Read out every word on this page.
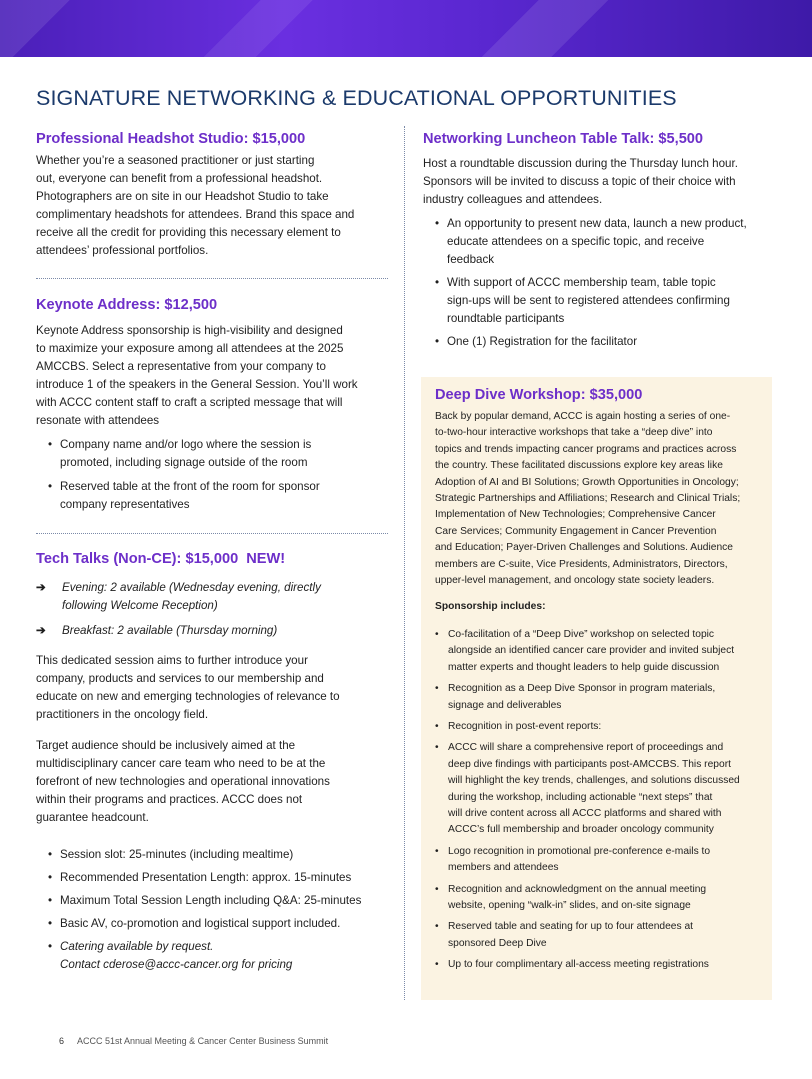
SIGNATURE NETWORKING & EDUCATIONAL OPPORTUNITIES
Professional Headshot Studio: $15,000
Whether you’re a seasoned practitioner or just starting
out, everyone can benefit from a professional headshot.
Photographers are on site in our Headshot Studio to take
complimentary headshots for attendees. Brand this space and
receive all the credit for providing this necessary element to
attendees’ professional portfolios.
Keynote Address: $12,500
Keynote Address sponsorship is high-visibility and designed
to maximize your exposure among all attendees at the 2025
AMCCBS. Select a representative from your company to
introduce 1 of the speakers in the General Session. You’ll work
with ACCC content staff to craft a scripted message that will
resonate with attendees
• Company name and/or logo where the session is
promoted, including signage outside of the room
• Reserved table at the front of the room for sponsor
company representatives
Tech Talks (Non-CE): $15,000 NEW!
➔ Evening: 2 available (Wednesday evening, directly
following Welcome Reception)
➔ Breakfast: 2 available (Thursday morning)
This dedicated session aims to further introduce your
company, products and services to our membership and
educate on new and emerging technologies of relevance to
practitioners in the oncology field.
Target audience should be inclusively aimed at the
multidisciplinary cancer care team who need to be at the
forefront of new technologies and operational innovations
within their programs and practices. ACCC does not
guarantee headcount.
• Session slot: 25-minutes (including mealtime)
• Recommended Presentation Length: approx. 15-minutes
• Maximum Total Session Length including Q&A: 25-minutes
• Basic AV, co-promotion and logistical support included.
• Catering available by request.
Contact cderose@accc-cancer.org for pricing
Networking Luncheon Table Talk: $5,500
Host a roundtable discussion during the Thursday lunch hour.
Sponsors will be invited to discuss a topic of their choice with
industry colleagues and attendees.
• An opportunity to present new data, launch a new product,
educate attendees on a specific topic, and receive
feedback
• With support of ACCC membership team, table topic
sign-ups will be sent to registered attendees confirming
roundtable participants
• One (1) Registration for the facilitator
Deep Dive Workshop: $35,000
Back by popular demand, ACCC is again hosting a series of one-
to-two-hour interactive workshops that take a “deep dive” into
topics and trends impacting cancer programs and practices across
the country. These facilitated discussions explore key areas like
Adoption of AI and BI Solutions; Growth Opportunities in Oncology;
Strategic Partnerships and Affiliations; Research and Clinical Trials;
Implementation of New Technologies; Comprehensive Cancer
Care Services; Community Engagement in Cancer Prevention
and Education; Payer-Driven Challenges and Solutions. Audience
members are C-suite, Vice Presidents, Administrators, Directors,
upper-level management, and oncology state society leaders.
Sponsorship includes:
• Co-facilitation of a “Deep Dive” workshop on selected topic
alongside an identified cancer care provider and invited subject
matter experts and thought leaders to help guide discussion
• Recognition as a Deep Dive Sponsor in program materials,
signage and deliverables
• Recognition in post-event reports:
• ACCC will share a comprehensive report of proceedings and
deep dive findings with participants post-AMCCBS. This report
will highlight the key trends, challenges, and solutions discussed
during the workshop, including actionable “next steps” that
will drive content across all ACCC platforms and shared with
ACCC’s full membership and broader oncology community
• Logo recognition in promotional pre-conference e-mails to
members and attendees
• Recognition and acknowledgment on the annual meeting
website, opening “walk-in” slides, and on-site signage
• Reserved table and seating for up to four attendees at
sponsored Deep Dive
• Up to four complimentary all-access meeting registrations
6 ACCC 51st Annual Meeting & Cancer Center Business Summit
